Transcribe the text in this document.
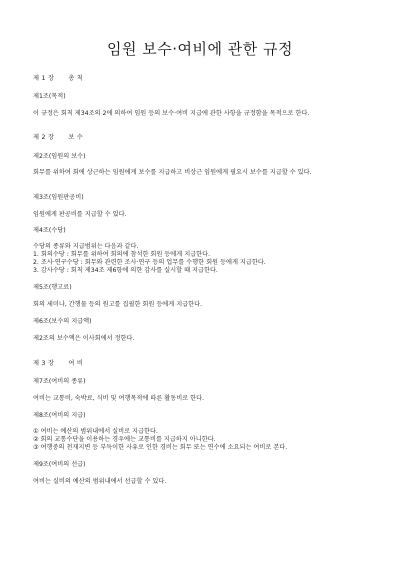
임원 보수·여비에 관한 규정
제 1 장 총 칙
제1조(목적)
이 규정은 회칙 제34조의 2에 의하여 임원 등의 보수·여비 지급에 관한 사항을 규정함을 목적으로 한다.
제 2 장 보 수
제2조(임원의 보수)
회무를 위하여 회에 상근하는 임원에게 보수를 지급하고 비상근 임원에게 필요시 보수를 지급할 수 있다.
제3조(임원판공비)
임원에게 판공비를 지급할 수 있다.
제4조(수당)
수당의 종류와 지급범위는 다음과 같다.
1. 회의수당 : 회무를 위하여 회의에 참석한 회원 등에게 지급한다.
2. 조사·연구수당 : 회무와 관련한 조사·연구 등의 업무를 수행한 회원 등에게 지급한다.
3. 감사수당 : 회칙 제34조 제6항에 의한 감사를 실시할 때 지급한다.
제5조(행고료)
회의 세미나, 간행물 등의 원고를 집필한 회원 등에게 지급한다.
제6조(보수의 지급액)
제2조의 보수액은 이사회에서 정한다.
제 3 장 여 비
제7조(여비의 종류)
여비는 교통비, 숙박료, 식비 및 여행목적에 따른 활동비로 한다.
제8조(여비의 지급)
① 여비는 예산의 범위내에서 실비로 지급한다.
② 회의 교통수단을 이용하는 경우에는 교통비를 지급하지 아니한다.
③ 여행중의 천재지변 등 부득이한 사유로 인한 경비는 회무 또는 연수에 소요되는 여비로 본다.
제9조(여비의 선급)
여비는 실비의 예산의 범위내에서 선급할 수 있다.
